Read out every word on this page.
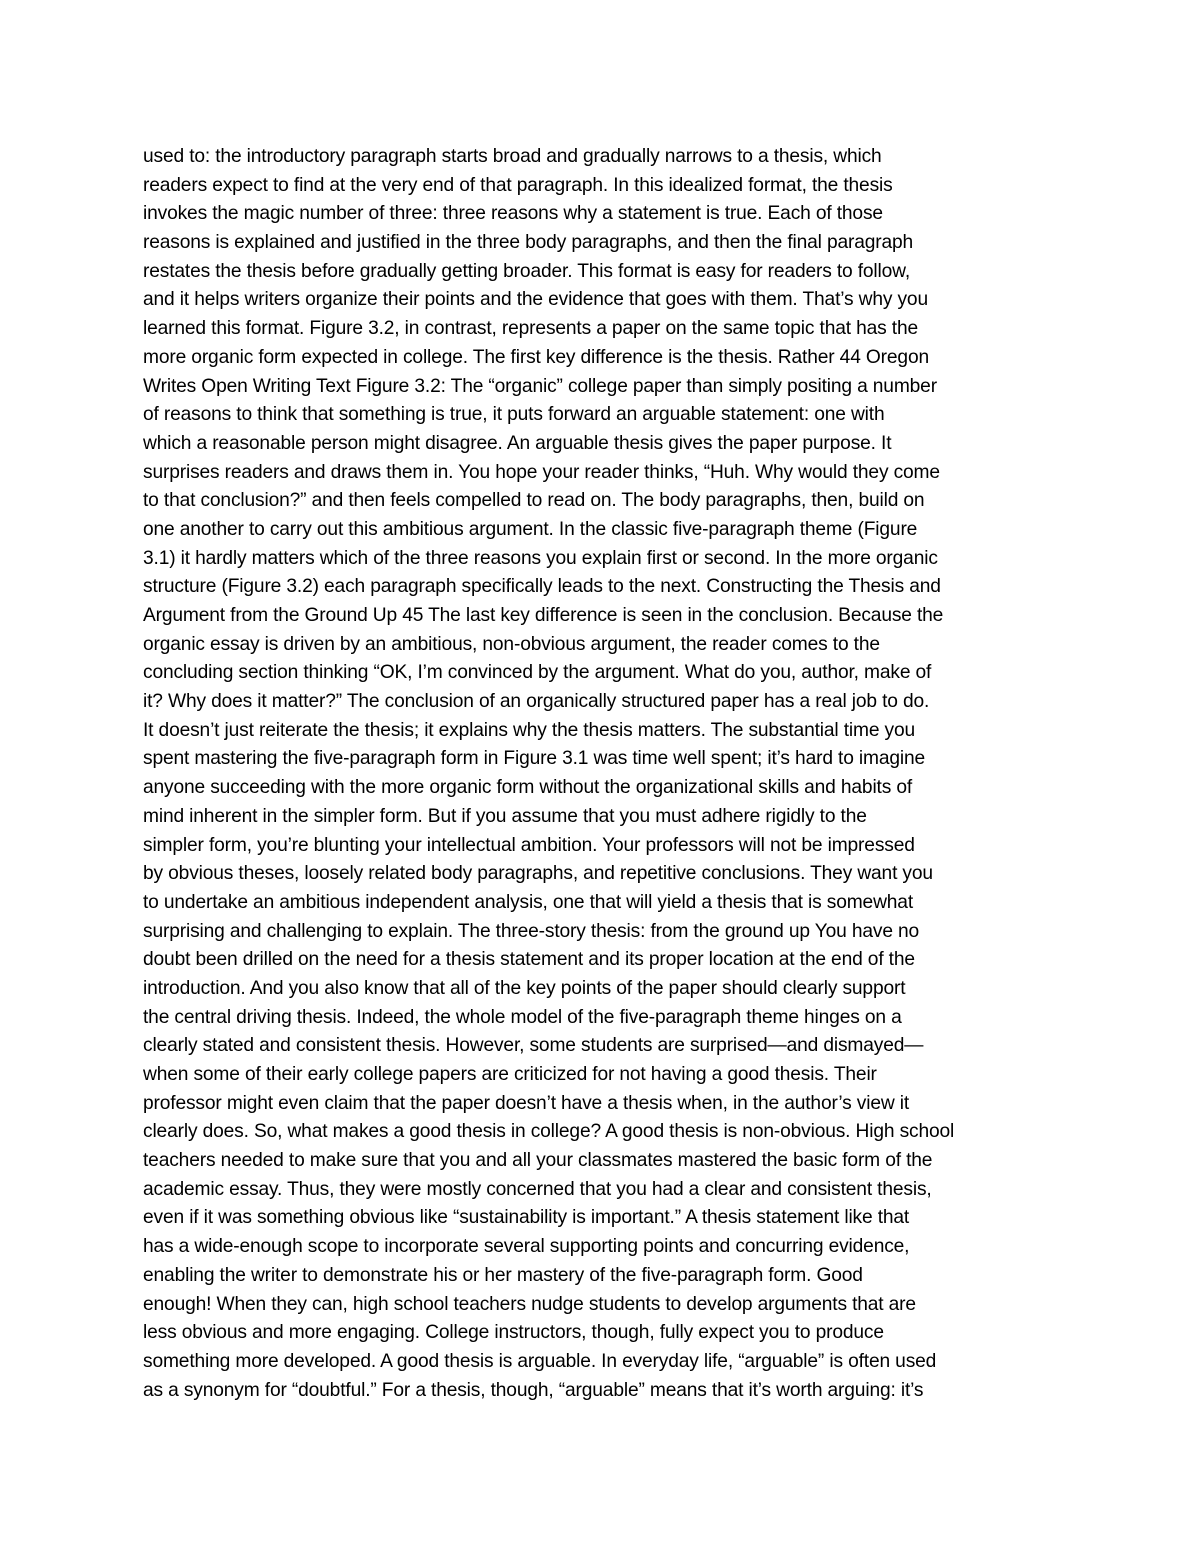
used to: the introductory paragraph starts broad and gradually narrows to a thesis, which
readers expect to find at the very end of that paragraph. In this idealized format, the thesis
invokes the magic number of three: three reasons why a statement is true. Each of those
reasons is explained and justified in the three body paragraphs, and then the final paragraph
restates the thesis before gradually getting broader. This format is easy for readers to follow,
and it helps writers organize their points and the evidence that goes with them. That’s why you
learned this format. Figure 3.2, in contrast, represents a paper on the same topic that has the
more organic form expected in college. The first key difference is the thesis. Rather 44 Oregon
Writes Open Writing Text Figure 3.2: The “organic” college paper than simply positing a number
of reasons to think that something is true, it puts forward an arguable statement: one with
which a reasonable person might disagree. An arguable thesis gives the paper purpose. It
surprises readers and draws them in. You hope your reader thinks, “Huh. Why would they come
to that conclusion?” and then feels compelled to read on. The body paragraphs, then, build on
one another to carry out this ambitious argument. In the classic five-paragraph theme (Figure
3.1) it hardly matters which of the three reasons you explain first or second. In the more organic
structure (Figure 3.2) each paragraph specifically leads to the next. Constructing the Thesis and
Argument from the Ground Up 45 The last key difference is seen in the conclusion. Because the
organic essay is driven by an ambitious, non-obvious argument, the reader comes to the
concluding section thinking “OK, I’m convinced by the argument. What do you, author, make of
it? Why does it matter?” The conclusion of an organically structured paper has a real job to do.
It doesn’t just reiterate the thesis; it explains why the thesis matters. The substantial time you
spent mastering the five-paragraph form in Figure 3.1 was time well spent; it’s hard to imagine
anyone succeeding with the more organic form without the organizational skills and habits of
mind inherent in the simpler form. But if you assume that you must adhere rigidly to the
simpler form, you’re blunting your intellectual ambition. Your professors will not be impressed
by obvious theses, loosely related body paragraphs, and repetitive conclusions. They want you
to undertake an ambitious independent analysis, one that will yield a thesis that is somewhat
surprising and challenging to explain. The three-story thesis: from the ground up You have no
doubt been drilled on the need for a thesis statement and its proper location at the end of the
introduction. And you also know that all of the key points of the paper should clearly support
the central driving thesis. Indeed, the whole model of the five-paragraph theme hinges on a
clearly stated and consistent thesis. However, some students are surprised—and dismayed—
when some of their early college papers are criticized for not having a good thesis. Their
professor might even claim that the paper doesn’t have a thesis when, in the author’s view it
clearly does. So, what makes a good thesis in college? A good thesis is non-obvious. High school
teachers needed to make sure that you and all your classmates mastered the basic form of the
academic essay. Thus, they were mostly concerned that you had a clear and consistent thesis,
even if it was something obvious like “sustainability is important.” A thesis statement like that
has a wide-enough scope to incorporate several supporting points and concurring evidence,
enabling the writer to demonstrate his or her mastery of the five-paragraph form. Good
enough! When they can, high school teachers nudge students to develop arguments that are
less obvious and more engaging. College instructors, though, fully expect you to produce
something more developed. A good thesis is arguable. In everyday life, “arguable” is often used
as a synonym for “doubtful.” For a thesis, though, “arguable” means that it’s worth arguing: it’s
